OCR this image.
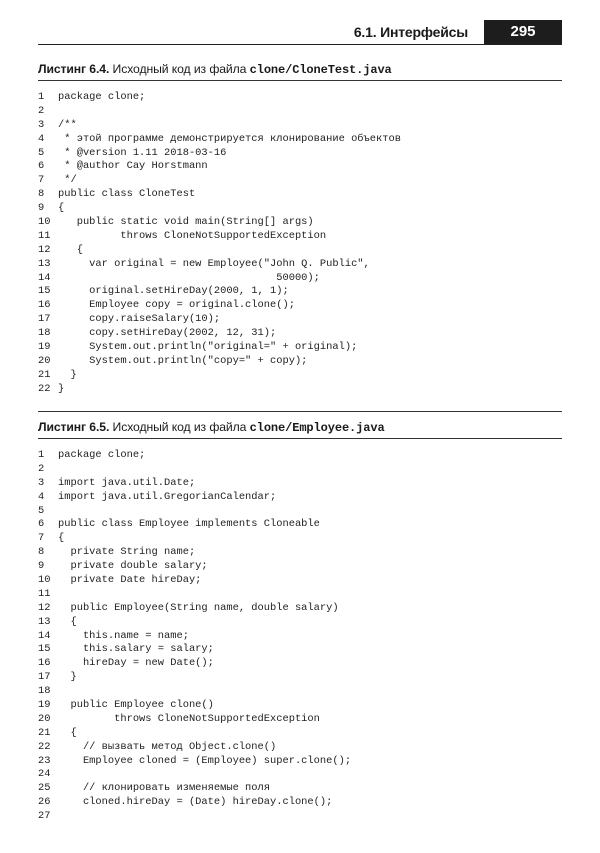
6.1. Интерфейсы	295
Листинг 6.4. Исходный код из файла clone/CloneTest.java
1 package clone;
2
3 /**
4 * этой программе демонстрируется клонирование объектов
5 * @version 1.11 2018-03-16
6 * @author Cay Horstmann
7 */
8 public class CloneTest
9 {
10   public static void main(String[] args)
11          throws CloneNotSupportedException
12   {
13     var original = new Employee("John Q. Public",
14                                   50000);
15     original.setHireDay(2000, 1, 1);
16     Employee copy = original.clone();
17     copy.raiseSalary(10);
18     copy.setHireDay(2002, 12, 31);
19     System.out.println("original=" + original);
20     System.out.println("copy=" + copy);
21  }
22 }
Листинг 6.5. Исходный код из файла clone/Employee.java
1 package clone;
2
3 import java.util.Date;
4 import java.util.GregorianCalendar;
5
6 public class Employee implements Cloneable
7 {
8  private String name;
9  private double salary;
10  private Date hireDay;
11
12  public Employee(String name, double salary)
13  {
14    this.name = name;
15    this.salary = salary;
16    hireDay = new Date();
17  }
18
19  public Employee clone()
20         throws CloneNotSupportedException
21  {
22    // вызвать метод Object.clone()
23    Employee cloned = (Employee) super.clone();
24
25    // клонировать изменяемые поля
26    cloned.hireDay = (Date) hireDay.clone();
27
